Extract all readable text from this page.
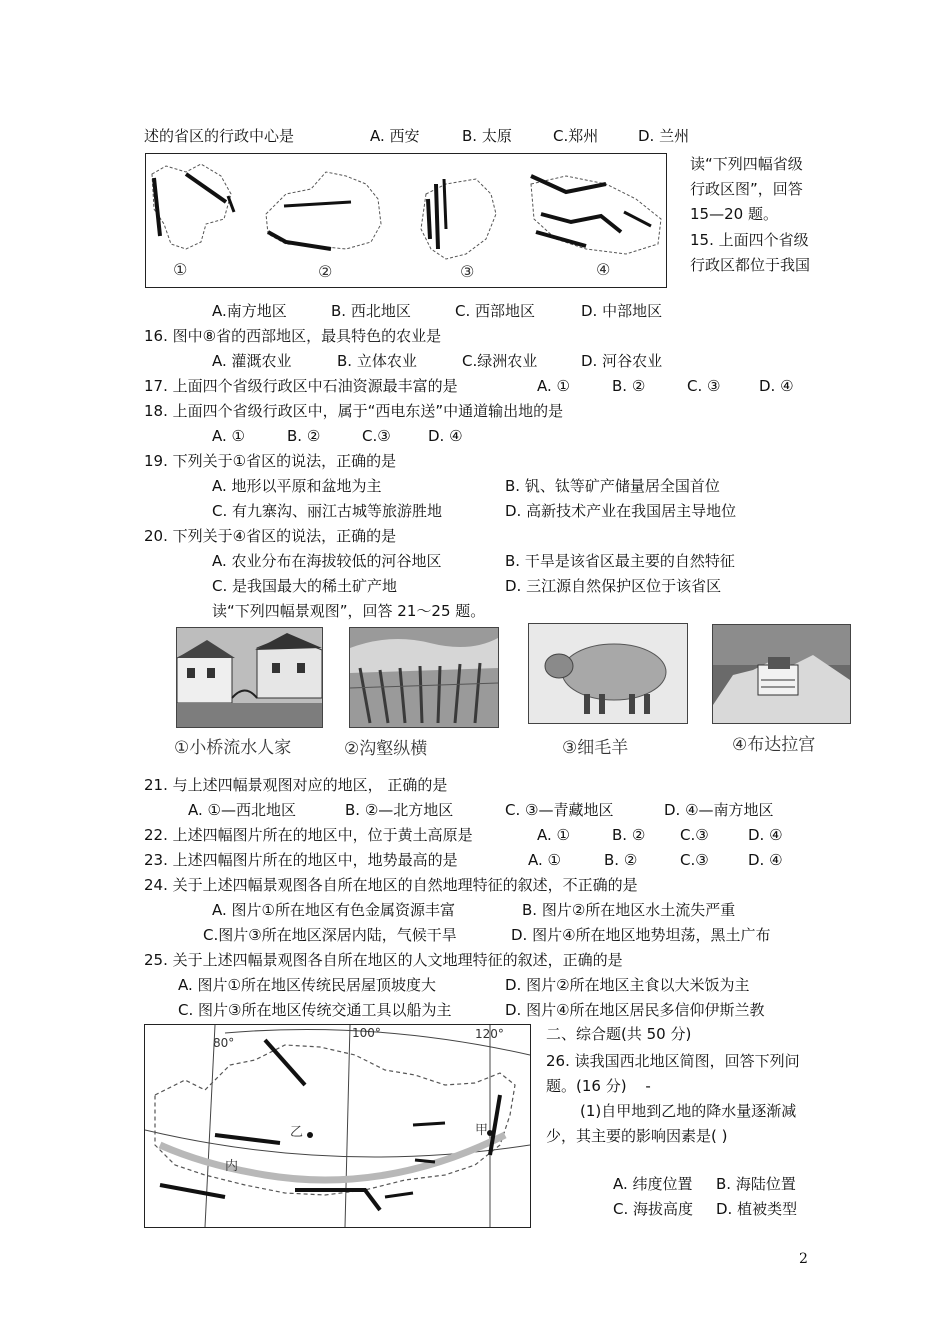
述的省区的行政中心是	A. 西安	B. 太原	C.郑州	D. 兰州
①	②	③	④
读“下列四幅省级行政区图”，回答 15—20 题。
15. 上面四个省级行政区都位于我国
A.南方地区	B. 西北地区	C. 西部地区	D. 中部地区
16. 图中⑧省的西部地区，最具特色的农业是
A. 灌溉农业	B. 立体农业	C.绿洲农业	D. 河谷农业
17. 上面四个省级行政区中石油资源最丰富的是	A. ①	B. ②	C. ③	D. ④
18. 上面四个省级行政区中，属于“西电东送”中通道输出地的是
A. ①	B. ②	C.③ D. ④
19. 下列关于①省区的说法，正确的是
A. 地形以平原和盆地为主	B. 钒、钛等矿产储量居全国首位
C. 有九寨沟、丽江古城等旅游胜地	D. 高新技术产业在我国居主导地位
20. 下列关于④省区的说法，正确的是
A. 农业分布在海拔较低的河谷地区	B. 干旱是该省区最主要的自然特征
C. 是我国最大的稀土矿产地	D. 三江源自然保护区位于该省区
读“下列四幅景观图”，回答 21～25 题。
①小桥流水人家	②沟壑纵横	③细毛羊	④布达拉宫
21. 与上述四幅景观图对应的地区， 正确的是
A. ①—西北地区	B. ②—北方地区	C. ③—青藏地区	D. ④—南方地区
22. 上述四幅图片所在的地区中，位于黄土高原是	A. ①	B. ② C.③	D. ④
23. 上述四幅图片所在的地区中，地势最高的是	A. ①	B. ②	C.③	D. ④
24. 关于上述四幅景观图各自所在地区的自然地理特征的叙述，不正确的是
A. 图片①所在地区有色金属资源丰富	B. 图片②所在地区水土流失严重
C.图片③所在地区深居内陆，气候干旱	D. 图片④所在地区地势坦荡，黑土广布
25. 关于上述四幅景观图各自所在地区的人文地理特征的叙述，正确的是
A. 图片①所在地区传统民居屋顶坡度大	D. 图片②所在地区主食以大米饭为主
C. 图片③所在地区传统交通工具以船为主	D. 图片④所在地区居民多信仰伊斯兰教
80°
100°	120°
乙	甲
内
二、综合题(共 50 分)
26. 读我国西北地区简图，回答下列问题。(16 分) -
(1)自甲地到乙地的降水量逐渐减少，其主要的影响因素是( )
A. 纬度位置 B. 海陆位置
C. 海拔高度 D. 植被类型
2
